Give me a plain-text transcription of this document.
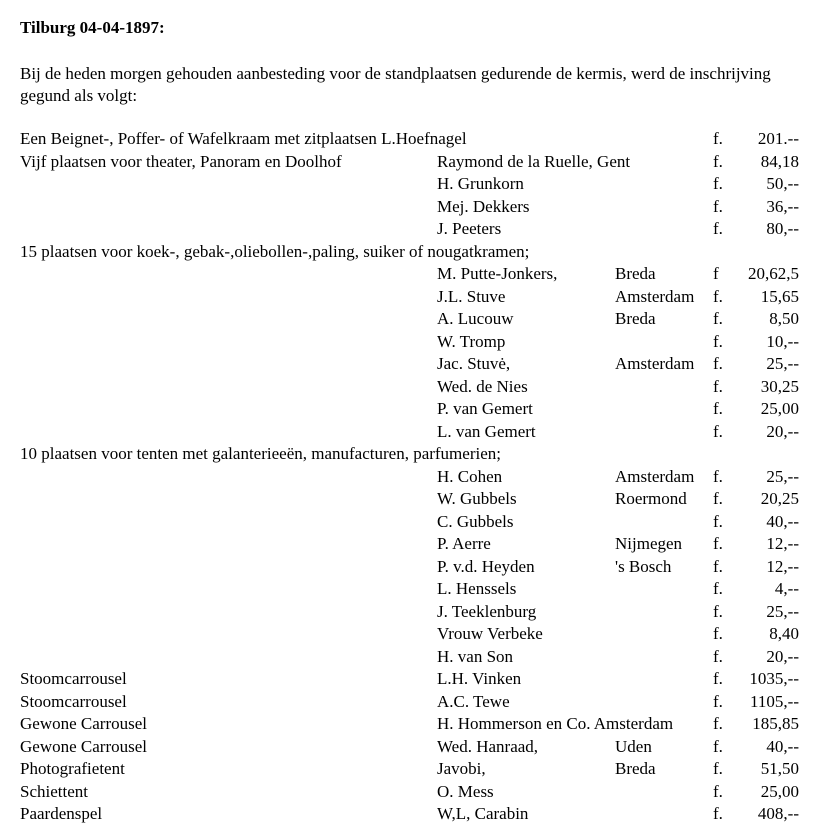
Tilburg 04-04-1897:
Bij de heden morgen gehouden aanbesteding voor de standplaatsen gedurende de kermis, werd de inschrijving gegund als volgt:
Een Beignet-, Poffer- of Wafelkraam met zitplaatsen L.Hoefnagel	f.	201.--
Vijf plaatsen voor theater, Panoram en Doolhof	Raymond de la Ruelle, Gent	f.	84,18
H. Grunkorn	f.	50,--
Mej. Dekkers	f.	36,--
J. Peeters	f.	80,--
15 plaatsen voor koek-, gebak-,oliebollen-,paling, suiker of nougatkramen;
M. Putte-Jonkers,	Breda	f	20,62,5
J.L. Stuve	Amsterdam f.	15,65
A. Lucouw	Breda	f.	8,50
W. Tromp	f.	10,--
Jac. Stuvė,	Amsterdam f.	25,--
Wed. de Nies	f.	30,25
P. van Gemert	f.	25,00
L. van Gemert	f.	20,--
10 plaatsen voor tenten met galanterieeën, manufacturen, parfumerien;
H. Cohen	Amsterdam f.	25,--
W. Gubbels	Roermond f.	20,25
C. Gubbels	f.	40,--
P. Aerre	Nijmegen f.	12,--
P. v.d. Heyden	's Bosch f.	12,--
L. Henssels	f.	4,--
J. Teeklenburg	f.	25,--
Vrouw Verbeke	f.	8,40
H. van Son	f.	20,--
Stoomcarrousel	L.H. Vinken	f.	1035,--
Stoomcarrousel	A.C. Tewe	f.	1105,--
Gewone Carrousel	H. Hommerson en Co. Amsterdam f.	185,85
Gewone Carrousel	Wed. Hanraad,	Uden	f.	40,--
Photografietent	Javobi,	Breda	f.	51,50
Schiettent	O. Mess	f.	25,00
Paardenspel	W,L, Carabin	f.	408,--
